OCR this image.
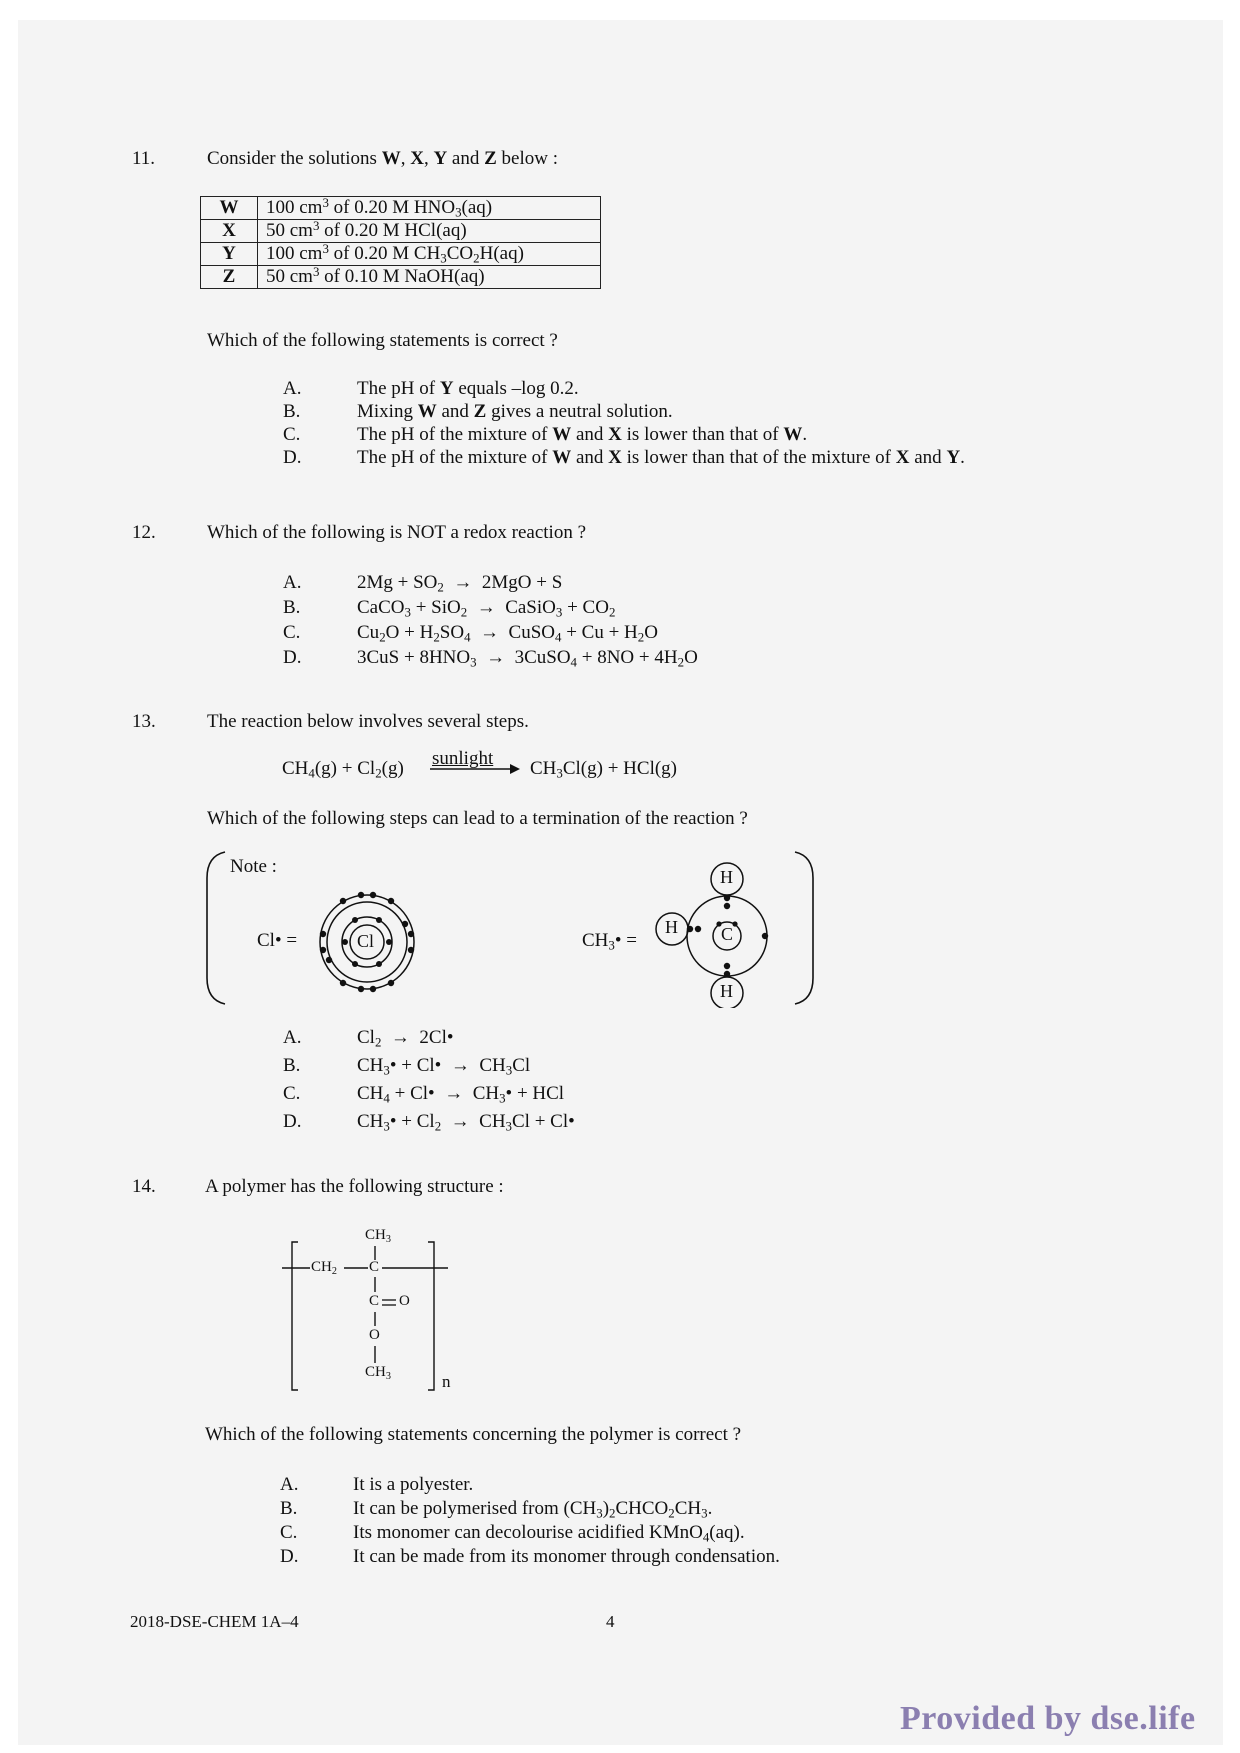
11.	Consider the solutions W, X, Y and Z below :
W	100 $cm^3$ of 0.20 M $HNO_3(aq)$
X	50 $cm^3$ of 0.20 M HCl(aq)
Y	100 $cm^3$ of 0.20 M $CH_3CO_2H(aq)$
Z	50 $cm^3$ of 0.10 M NaOH(aq)
Which of the following statements is correct ?
A.	The pH of Y equals –log 0.2.
B.	Mixing W and Z gives a neutral solution.
C.	The pH of the mixture of W and X is lower than that of W.
D.	The pH of the mixture of W and X is lower than that of the mixture of X and Y.
12.	Which of the following is NOT a redox reaction ?
A.	$2Mg + SO_2 \to 2MgO + S$
B.	CaCO$_3$ + SiO$_2$ → CaSiO$_3$ + $CO_2$
C.	$Cu_2O + H_2SO_4$ → CuSO$_4$ + $Cu + H_2O$
D.	$3CuS + 8HNO_3$ → 3CuSO$_4$ + $8NO + 4H_2O$
13.	The reaction below involves several steps.
$CH_4(g) + Cl_2(g)$ sunlight $CH_3Cl(g) + HCl(g)$
Which of the following steps can lead to a termination of the reaction ?
Note :
Cl• =	Cl	$CH_3•$ =
H
H
H C
A.	$Cl_2$ → 2Cl•
B.	$CH_3•$ + Cl• → $CH_3Cl$
C.	$CH_4$ + Cl• → $CH_3•$ + HCl
D.	$CH_3• + Cl_2 \to CH_3Cl$ + Cl•
14.	A polymer has the following structure :
$CH_3$
$CH_2$ C
C O
O
$CH_3$	n
Which of the following statements concerning the polymer is correct ?
A.	It is a polyester.
B.	It can be polymerised from $(CH_3)_2CHCO_2CH_3$.
C.	Its monomer can decolourise acidified KMnO$_4$(aq).
D.	It can be made from its monomer through condensation.
2018-DSE-CHEM 1A–4	4
Provided by dse.life
